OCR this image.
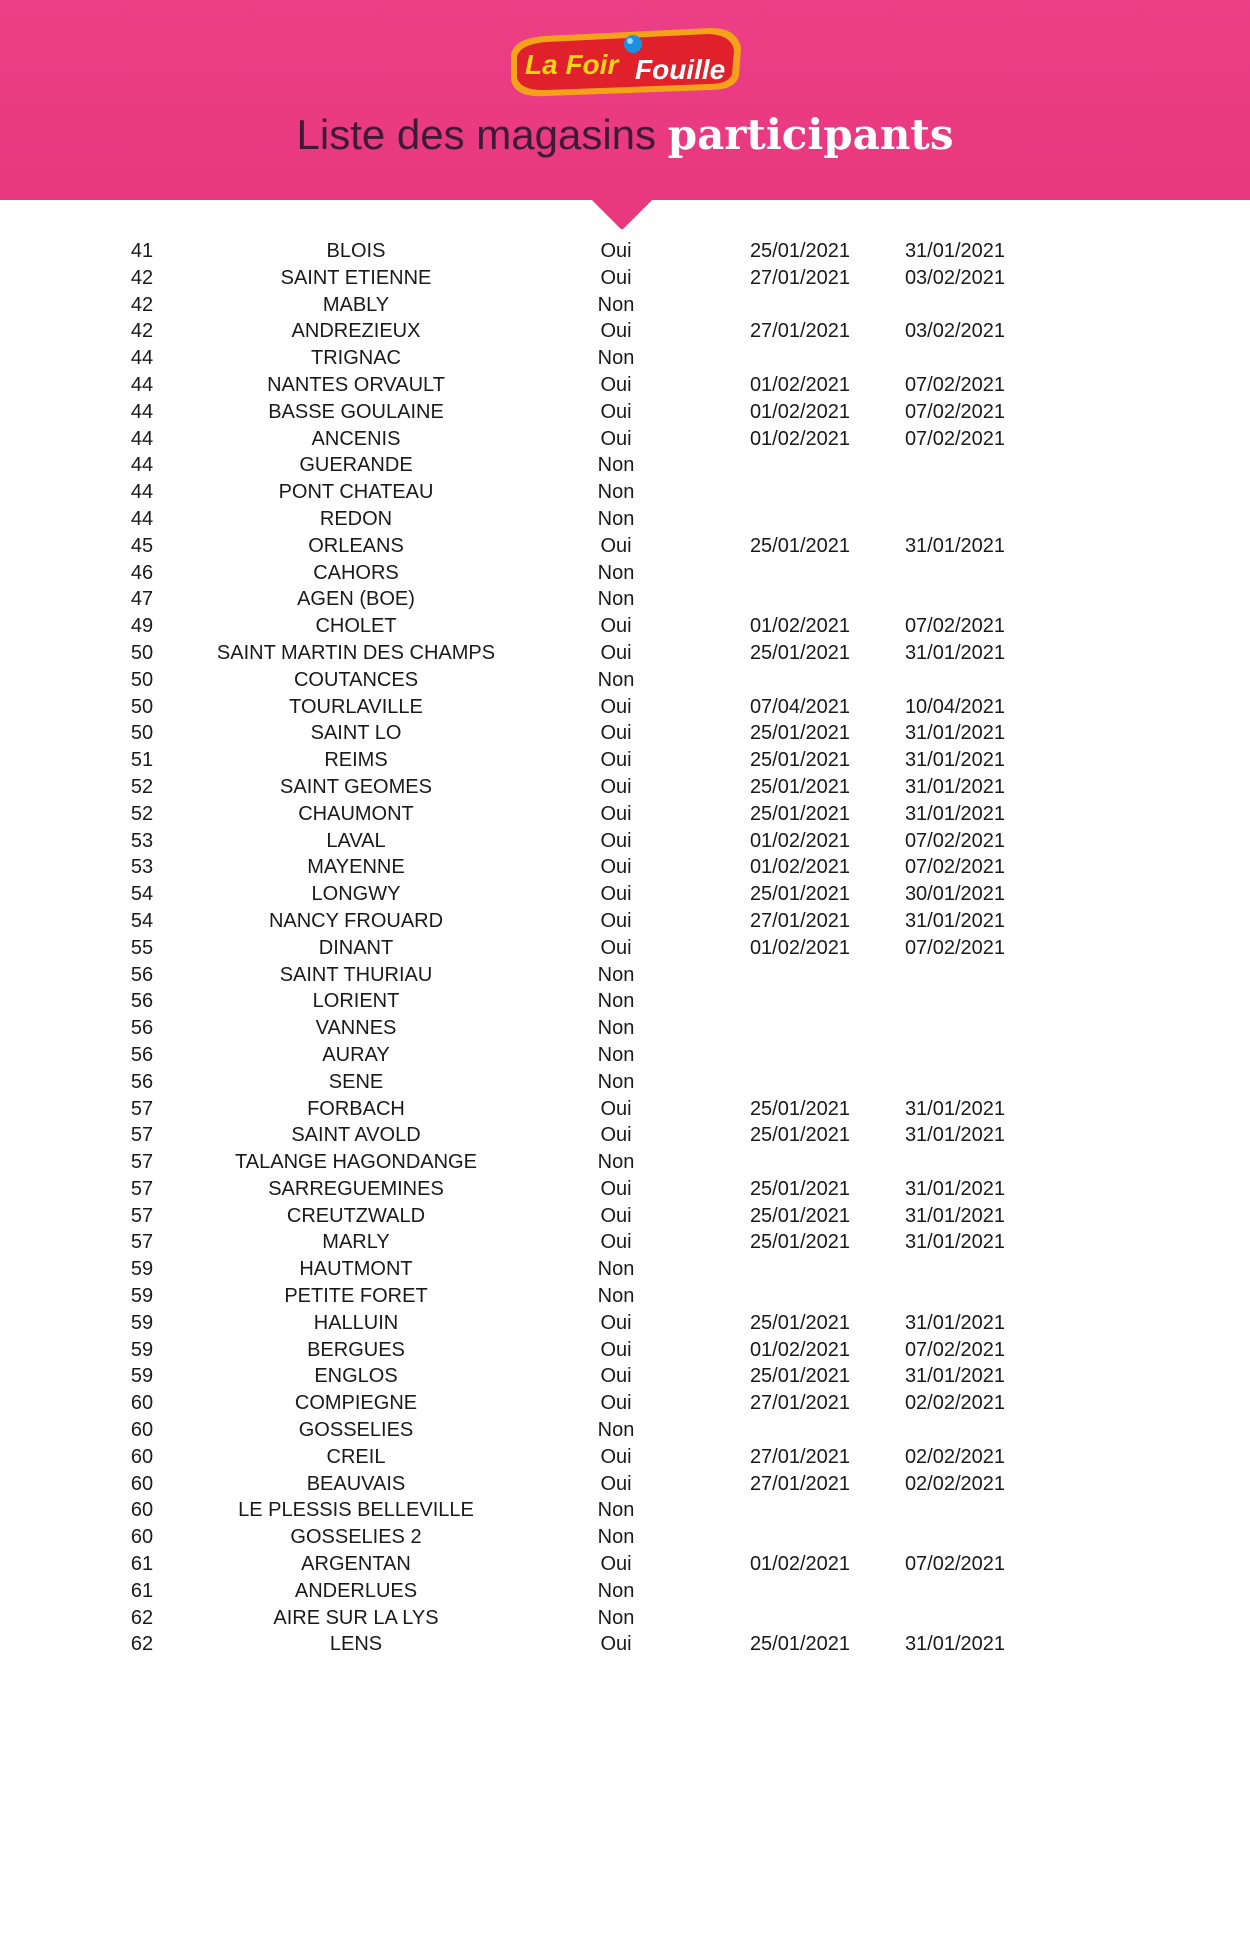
La Foir Fouille
Liste des magasins participants
41	BLOIS	Oui	25/01/2021	31/01/2021
42	SAINT ETIENNE	Oui	27/01/2021	03/02/2021
42	MABLY	Non
42	ANDREZIEUX	Oui	27/01/2021	03/02/2021
44	TRIGNAC	Non
44	NANTES ORVAULT	Oui	01/02/2021	07/02/2021
44	BASSE GOULAINE	Oui	01/02/2021	07/02/2021
44	ANCENIS	Oui	01/02/2021	07/02/2021
44	GUERANDE	Non
44	PONT CHATEAU	Non
44	REDON	Non
45	ORLEANS	Oui	25/01/2021	31/01/2021
46	CAHORS	Non
47	AGEN (BOE)	Non
49	CHOLET	Oui	01/02/2021	07/02/2021
50	SAINT MARTIN DES CHAMPS	Oui	25/01/2021	31/01/2021
50	COUTANCES	Non
50	TOURLAVILLE	Oui	07/04/2021	10/04/2021
50	SAINT LO	Oui	25/01/2021	31/01/2021
51	REIMS	Oui	25/01/2021	31/01/2021
52	SAINT GEOMES	Oui	25/01/2021	31/01/2021
52	CHAUMONT	Oui	25/01/2021	31/01/2021
53	LAVAL	Oui	01/02/2021	07/02/2021
53	MAYENNE	Oui	01/02/2021	07/02/2021
54	LONGWY	Oui	25/01/2021	30/01/2021
54	NANCY FROUARD	Oui	27/01/2021	31/01/2021
55	DINANT	Oui	01/02/2021	07/02/2021
56	SAINT THURIAU	Non
56	LORIENT	Non
56	VANNES	Non
56	AURAY	Non
56	SENE	Non
57	FORBACH	Oui	25/01/2021	31/01/2021
57	SAINT AVOLD	Oui	25/01/2021	31/01/2021
57	TALANGE HAGONDANGE	Non
57	SARREGUEMINES	Oui	25/01/2021	31/01/2021
57	CREUTZWALD	Oui	25/01/2021	31/01/2021
57	MARLY	Oui	25/01/2021	31/01/2021
59	HAUTMONT	Non
59	PETITE FORET	Non
59	HALLUIN	Oui	25/01/2021	31/01/2021
59	BERGUES	Oui	01/02/2021	07/02/2021
59	ENGLOS	Oui	25/01/2021	31/01/2021
60	COMPIEGNE	Oui	27/01/2021	02/02/2021
60	GOSSELIES	Non
60	CREIL	Oui	27/01/2021	02/02/2021
60	BEAUVAIS	Oui	27/01/2021	02/02/2021
60	LE PLESSIS BELLEVILLE	Non
60	GOSSELIES 2	Non
61	ARGENTAN	Oui	01/02/2021	07/02/2021
61	ANDERLUES	Non
62	AIRE SUR LA LYS	Non
62	LENS	Oui	25/01/2021	31/01/2021
